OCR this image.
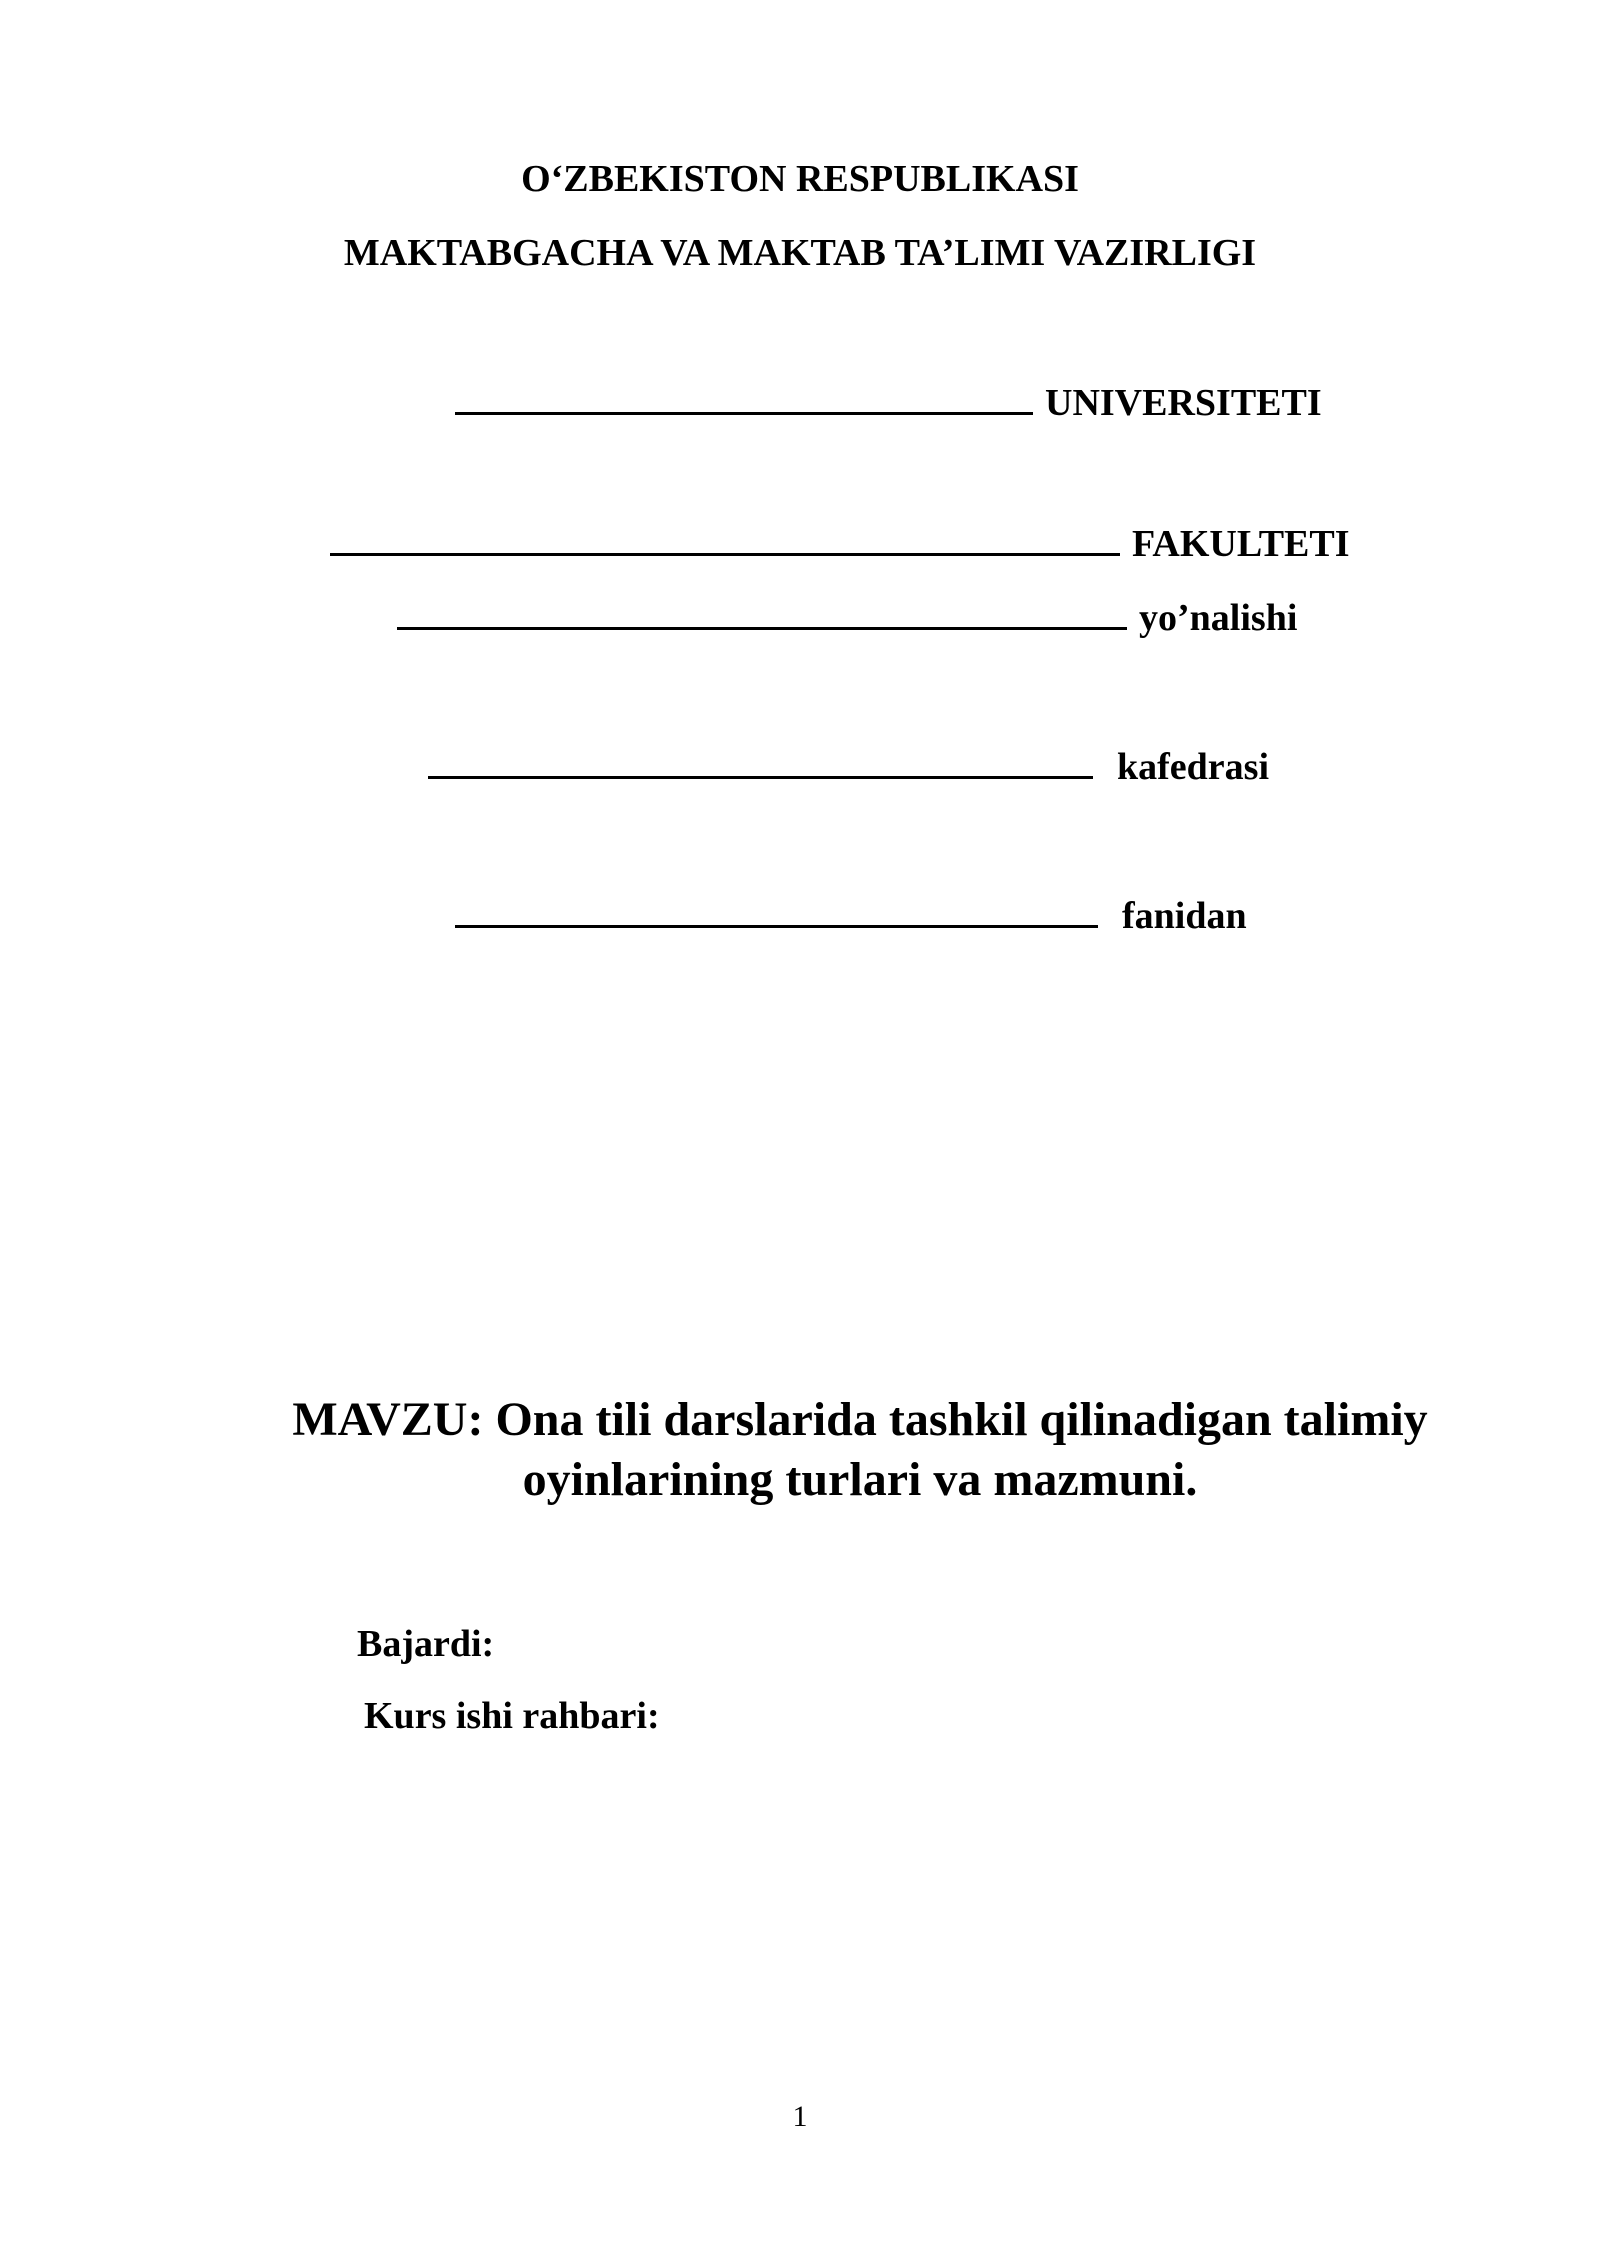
O‘ZBEKISTON RESPUBLIKASI
MAKTABGACHA VA MAKTAB TA’LIMI VAZIRLIGI
UNIVERSITETI
FAKULTETI
yo’nalishi
kafedrasi
fanidan
MAVZU: Ona tili darslarida tashkil qilinadigan talimiy
oyinlarining turlari va mazmuni.
Bajardi:
Kurs ishi rahbari:
1
